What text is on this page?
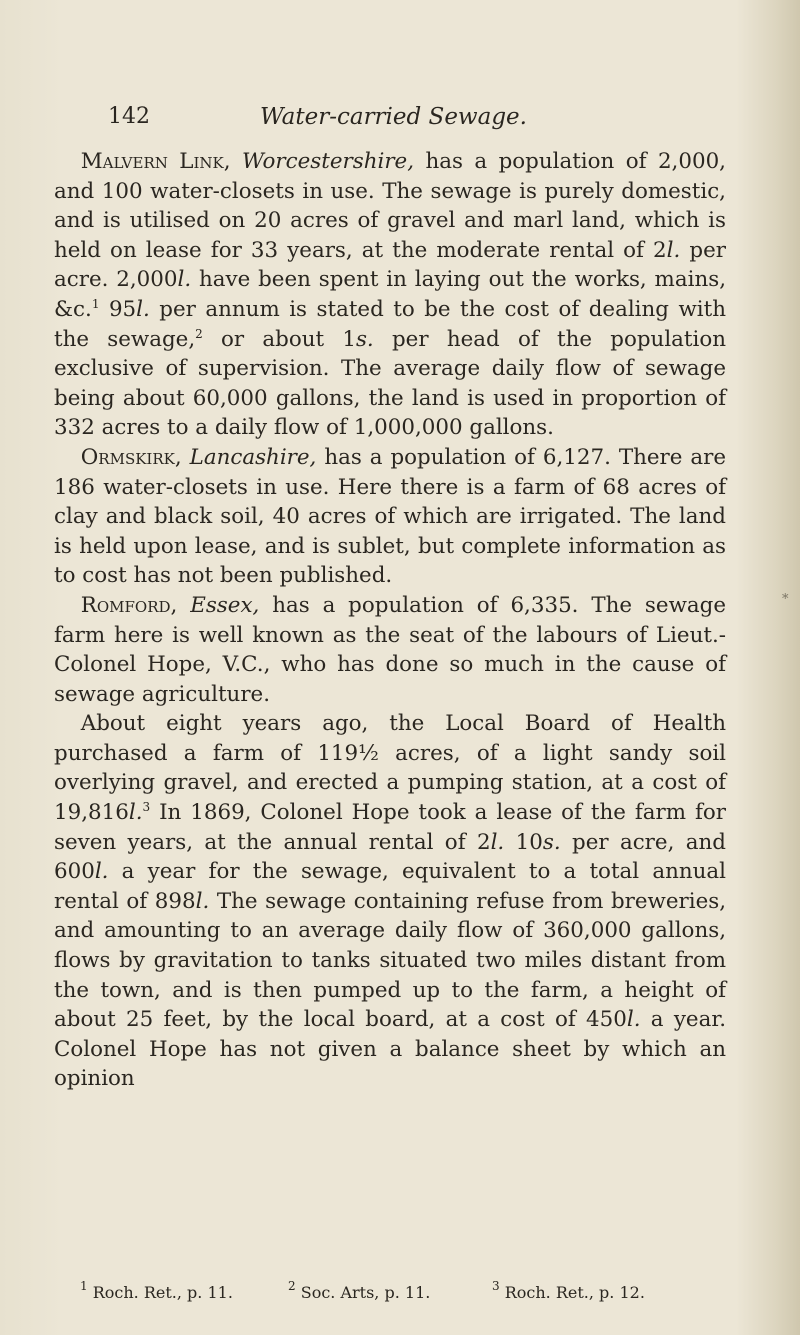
142	Water-carried Sewage.

Malvern Link, Worcestershire, has a population of 2,000, and 100 water-closets in use. The sewage is purely domestic, and is utilised on 20 acres of gravel and marl land, which is held on lease for 33 years, at the moderate rental of 2l. per acre. 2,000l. have been spent in laying out the works, mains, &c.$^1$ 95l. per annum is stated to be the cost of dealing with the sewage,$^2$ or about 1s. per head of the population exclusive of supervision. The average daily flow of sewage being about 60,000 gallons, the land is used in proportion of 332 acres to a daily flow of 1,000,000 gallons.

Ormskirk, Lancashire, has a population of 6,127. There are 186 water-closets in use. Here there is a farm of 68 acres of clay and black soil, 40 acres of which are irrigated. The land is held upon lease, and is sublet, but complete information as to cost has not been published.

Romford, Essex, has a population of 6,335. The sewage farm here is well known as the seat of the labours of Lieut.-Colonel Hope, V.C., who has done so much in the cause of sewage agriculture.

About eight years ago, the Local Board of Health purchased a farm of 119½ acres, of a light sandy soil overlying gravel, and erected a pumping station, at a cost of 19,816l.$^3$ In 1869, Colonel Hope took a lease of the farm for seven years, at the annual rental of 2l. 10s. per acre, and 600l. a year for the sewage, equivalent to a total annual rental of 898l. The sewage containing refuse from breweries, and amounting to an average daily flow of 360,000 gallons, flows by gravitation to tanks situated two miles distant from the town, and is then pumped up to the farm, a height of about 25 feet, by the local board, at a cost of 450l. a year. Colonel Hope has not given a balance sheet by which an opinion

$^1$ Roch. Ret., p. 11.	$^2$ Soc. Arts, p. 11.	$^3$ Roch. Ret., p. 12.
*
